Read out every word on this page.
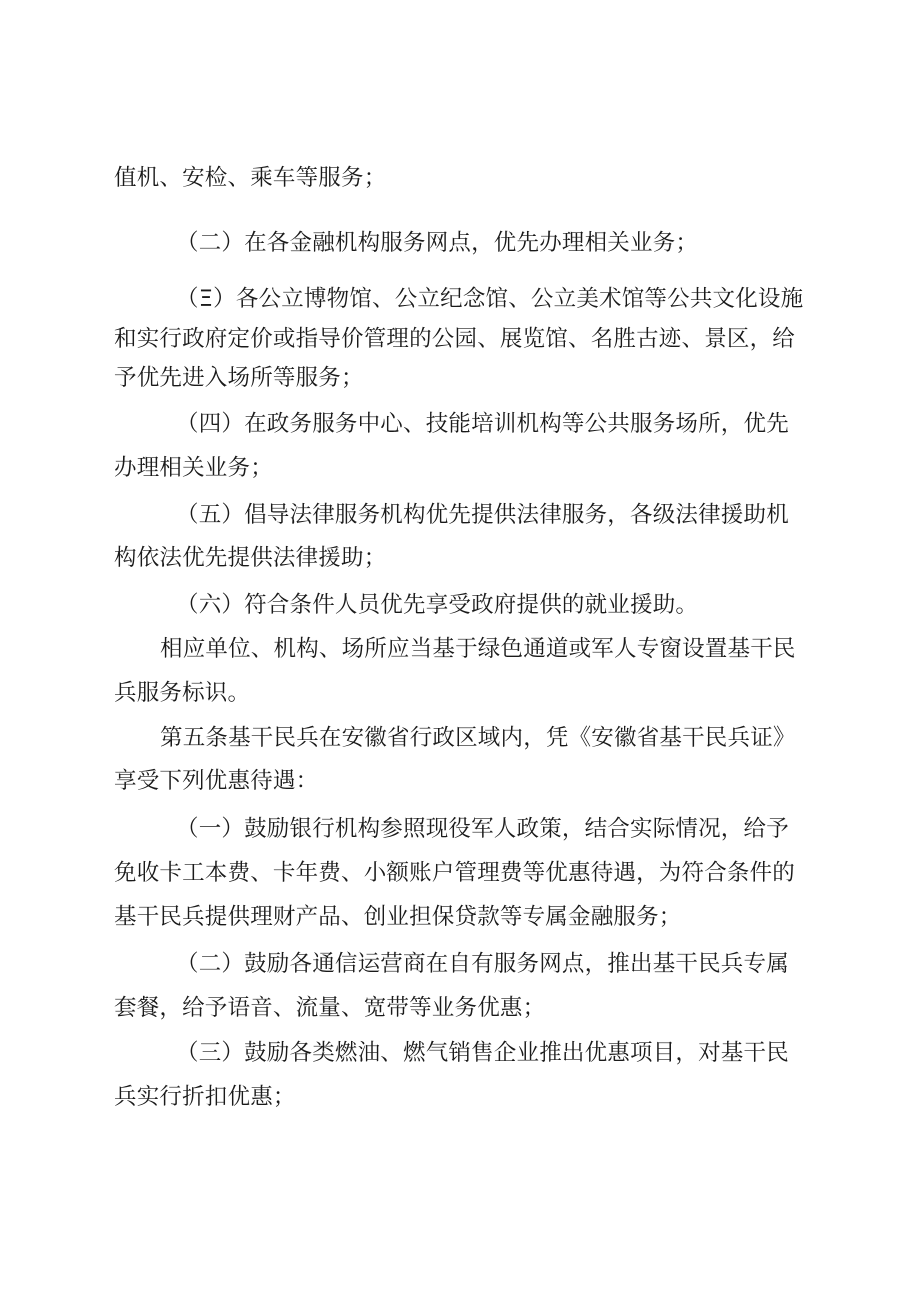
值机、安检、乘车等服务；
（二）在各金融机构服务网点，优先办理相关业务；
（Ξ）各公立博物馆、公立纪念馆、公立美术馆等公共文化设施
和实行政府定价或指导价管理的公园、展览馆、名胜古迹、景区，给
予优先进入场所等服务；
（四）在政务服务中心、技能培训机构等公共服务场所，优先
办理相关业务；
（五）倡导法律服务机构优先提供法律服务，各级法律援助机
构依法优先提供法律援助；
（六）符合条件人员优先享受政府提供的就业援助。
相应单位、机构、场所应当基于绿色通道或军人专窗设置基干民
兵服务标识。
第五条基干民兵在安徽省行政区域内，凭《安徽省基干民兵证》
享受下列优惠待遇：
（一）鼓励银行机构参照现役军人政策，结合实际情况，给予
免收卡工本费、卡年费、小额账户管理费等优惠待遇，为符合条件的
基干民兵提供理财产品、创业担保贷款等专属金融服务；
（二）鼓励各通信运营商在自有服务网点，推出基干民兵专属
套餐，给予语音、流量、宽带等业务优惠；
（三）鼓励各类燃油、燃气销售企业推出优惠项目，对基干民
兵实行折扣优惠；
